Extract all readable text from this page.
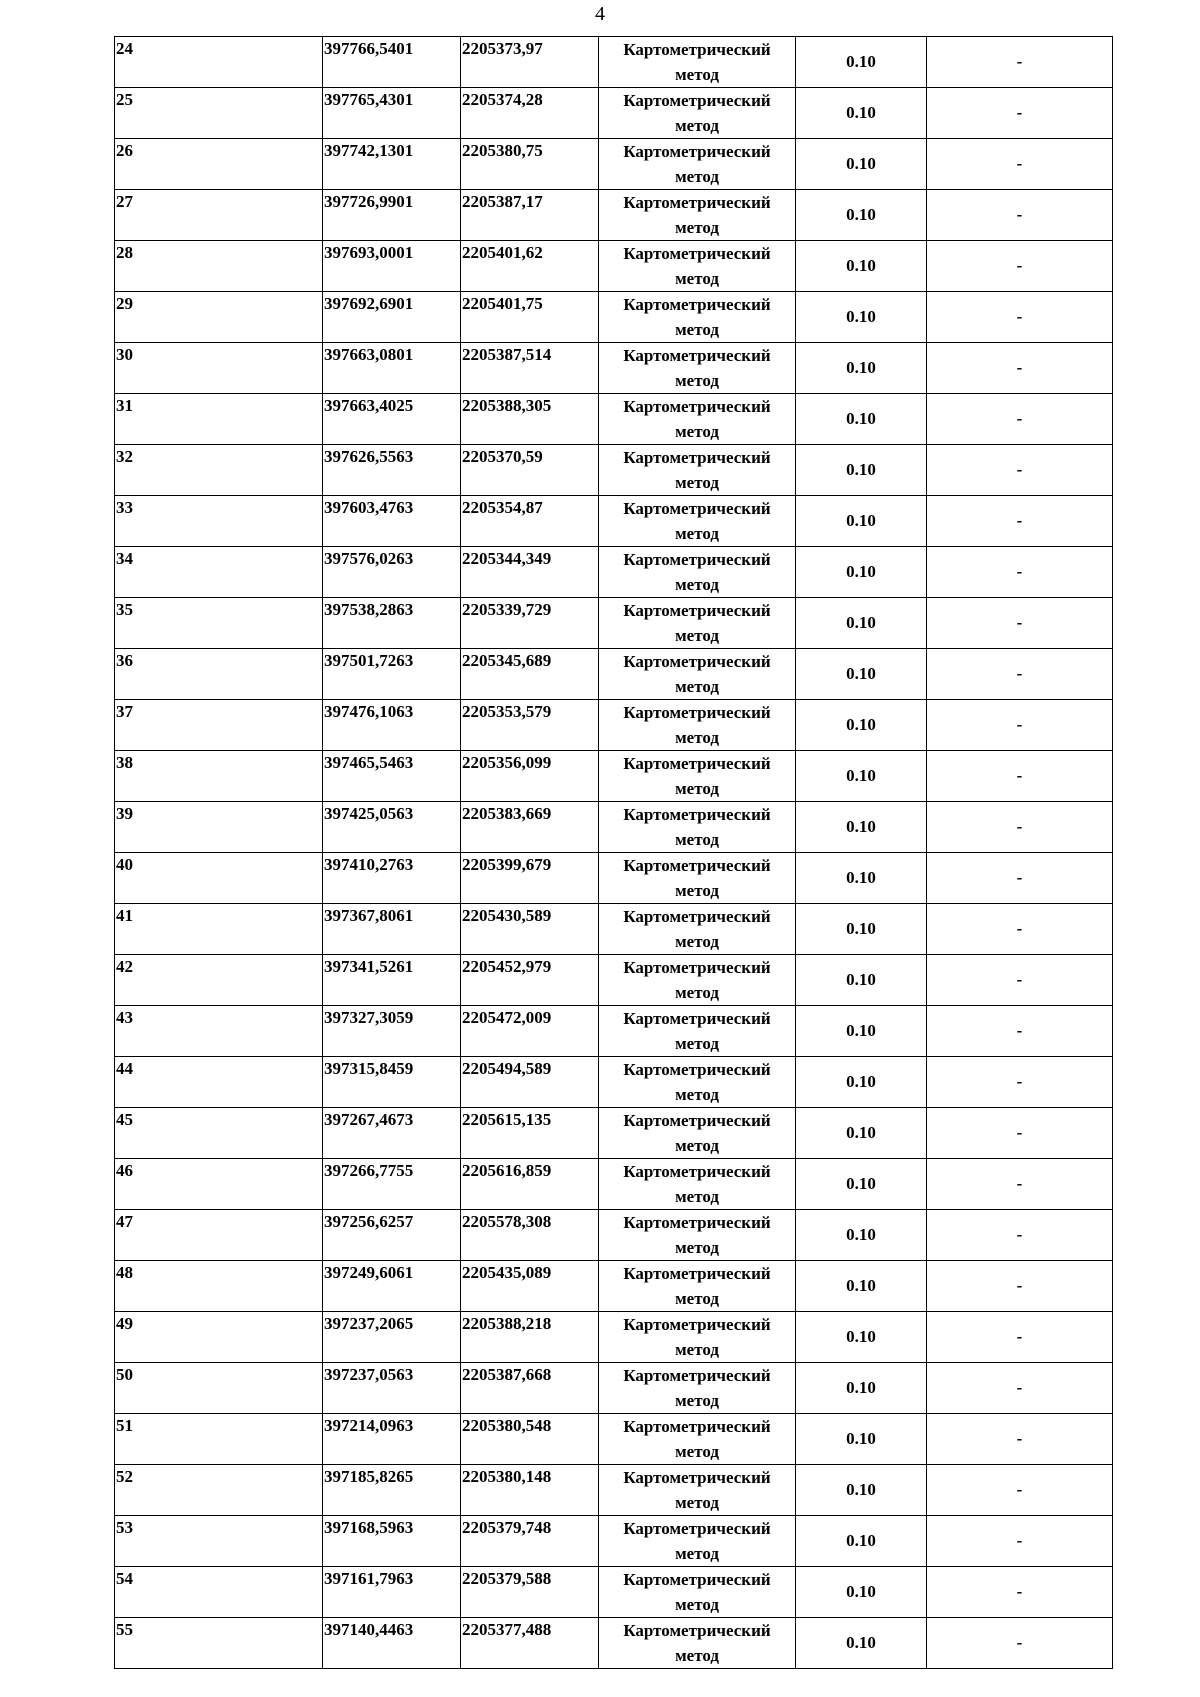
4
24	397766,5401	2205373,97	Картометрический
метод	0.10	-
25	397765,4301	2205374,28	Картометрический
метод	0.10	-
26	397742,1301	2205380,75	Картометрический
метод	0.10	-
27	397726,9901	2205387,17	Картометрический
метод	0.10	-
28	397693,0001	2205401,62	Картометрический
метод	0.10	-
29	397692,6901	2205401,75	Картометрический
метод	0.10	-
30	397663,0801	2205387,514	Картометрический
метод	0.10	-
31	397663,4025	2205388,305	Картометрический
метод	0.10	-
32	397626,5563	2205370,59	Картометрический
метод	0.10	-
33	397603,4763	2205354,87	Картометрический
метод	0.10	-
34	397576,0263	2205344,349	Картометрический
метод	0.10	-
35	397538,2863	2205339,729	Картометрический
метод	0.10	-
36	397501,7263	2205345,689	Картометрический
метод	0.10	-
37	397476,1063	2205353,579	Картометрический
метод	0.10	-
38	397465,5463	2205356,099	Картометрический
метод	0.10	-
39	397425,0563	2205383,669	Картометрический
метод	0.10	-
40	397410,2763	2205399,679	Картометрический
метод	0.10	-
41	397367,8061	2205430,589	Картометрический
метод	0.10	-
42	397341,5261	2205452,979	Картометрический
метод	0.10	-
43	397327,3059	2205472,009	Картометрический
метод	0.10	-
44	397315,8459	2205494,589	Картометрический
метод	0.10	-
45	397267,4673	2205615,135	Картометрический
метод	0.10	-
46	397266,7755	2205616,859	Картометрический
метод	0.10	-
47	397256,6257	2205578,308	Картометрический
метод	0.10	-
48	397249,6061	2205435,089	Картометрический
метод	0.10	-
49	397237,2065	2205388,218	Картометрический
метод	0.10	-
50	397237,0563	2205387,668	Картометрический
метод	0.10	-
51	397214,0963	2205380,548	Картометрический
метод	0.10	-
52	397185,8265	2205380,148	Картометрический
метод	0.10	-
53	397168,5963	2205379,748	Картометрический
метод	0.10	-
54	397161,7963	2205379,588	Картометрический
метод	0.10	-
55	397140,4463	2205377,488	Картометрический
метод	0.10	-
